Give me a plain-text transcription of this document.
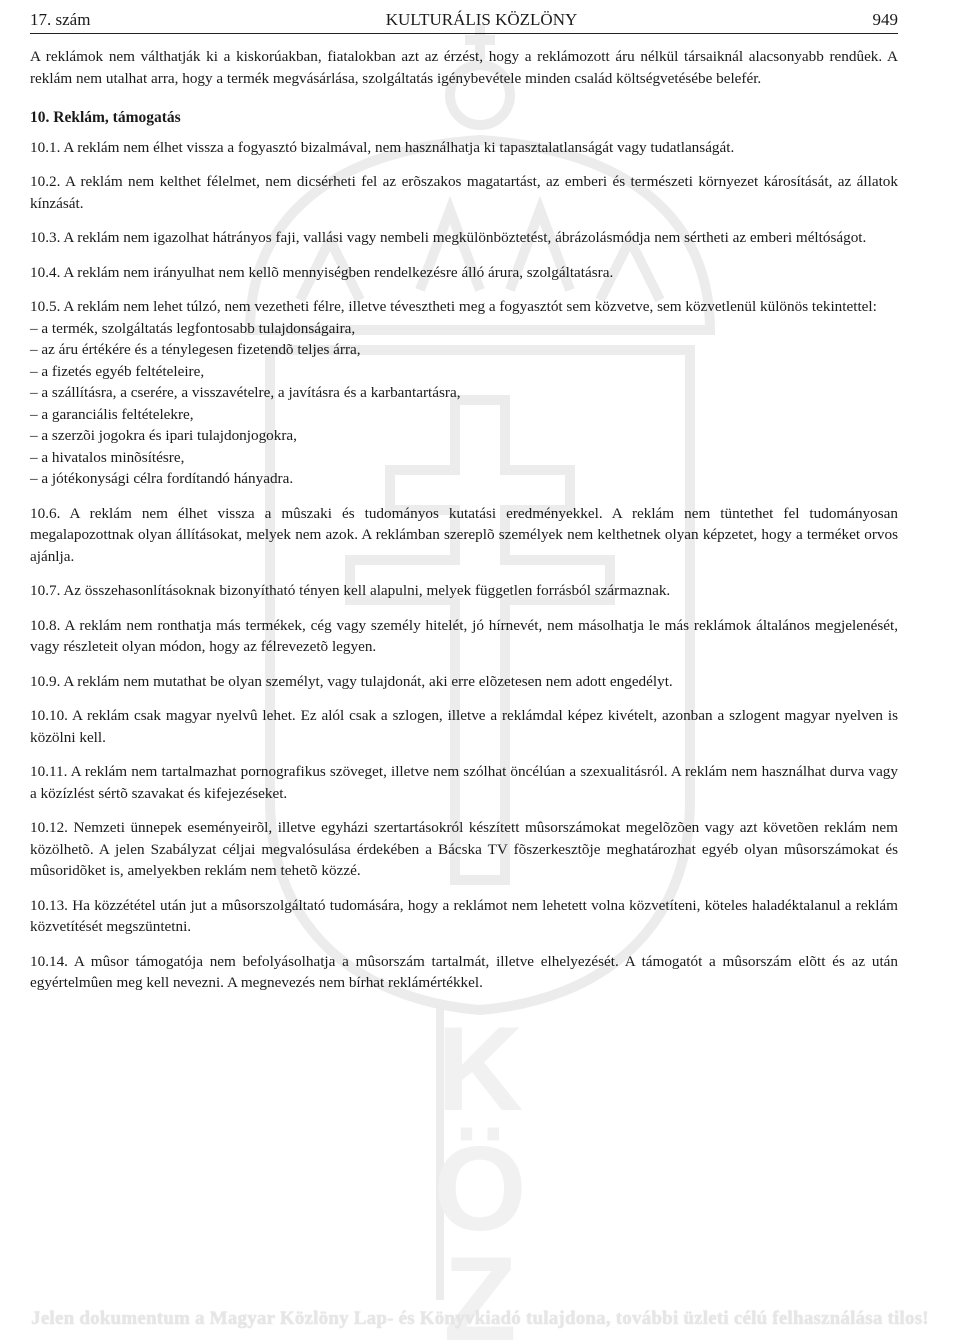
K
Ö
Z
17. szám	KULTURÁLIS KÖZLÖNY	949
A reklámok nem válthatják ki a kiskorúakban, fiatalokban azt az érzést, hogy a reklámozott áru nélkül társaiknál alacsonyabb rendûek. A reklám nem utalhat arra, hogy a termék megvásárlása, szolgáltatás igénybevétele minden család költségvetésébe belefér.
10. Reklám, támogatás
10.1. A reklám nem élhet vissza a fogyasztó bizalmával, nem használhatja ki tapasztalatlanságát vagy tudatlanságát.
10.2. A reklám nem kelthet félelmet, nem dicsérheti fel az erõszakos magatartást, az emberi és természeti környezet károsítását, az állatok kínzását.
10.3. A reklám nem igazolhat hátrányos faji, vallási vagy nembeli megkülönböztetést, ábrázolásmódja nem sértheti az emberi méltóságot.
10.4. A reklám nem irányulhat nem kellõ mennyiségben rendelkezésre álló árura, szolgáltatásra.
10.5. A reklám nem lehet túlzó, nem vezetheti félre, illetve tévesztheti meg a fogyasztót sem közvetve, sem közvetlenül különös tekintettel:
– a termék, szolgáltatás legfontosabb tulajdonságaira,
– az áru értékére és a ténylegesen fizetendõ teljes árra,
– a fizetés egyéb feltételeire,
– a szállításra, a cserére, a visszavételre, a javításra és a karbantartásra,
– a garanciális feltételekre,
– a szerzõi jogokra és ipari tulajdonjogokra,
– a hivatalos minõsítésre,
– a jótékonysági célra fordítandó hányadra.
10.6. A reklám nem élhet vissza a mûszaki és tudományos kutatási eredményekkel. A reklám nem tüntethet fel tudományosan megalapozottnak olyan állításokat, melyek nem azok. A reklámban szereplõ személyek nem kelthetnek olyan képzetet, hogy a terméket orvos ajánlja.
10.7. Az összehasonlításoknak bizonyítható tényen kell alapulni, melyek független forrásból származnak.
10.8. A reklám nem ronthatja más termékek, cég vagy személy hitelét, jó hírnevét, nem másolhatja le más reklámok általános megjelenését, vagy részleteit olyan módon, hogy az félrevezetõ legyen.
10.9. A reklám nem mutathat be olyan személyt, vagy tulajdonát, aki erre elõzetesen nem adott engedélyt.
10.10. A reklám csak magyar nyelvû lehet. Ez alól csak a szlogen, illetve a reklámdal képez kivételt, azonban a szlogent magyar nyelven is közölni kell.
10.11. A reklám nem tartalmazhat pornografikus szöveget, illetve nem szólhat öncélúan a szexualitásról. A reklám nem használhat durva vagy a közízlést sértõ szavakat és kifejezéseket.
10.12. Nemzeti ünnepek eseményeirõl, illetve egyházi szertartásokról készített mûsorszámokat megelõzõen vagy azt követõen reklám nem közölhetõ. A jelen Szabályzat céljai megvalósulása érdekében a Bácska TV fõszerkesztõje meghatározhat egyéb olyan mûsorszámokat és mûsoridõket is, amelyekben reklám nem tehetõ közzé.
10.13. Ha közzététel után jut a mûsorszolgáltató tudomására, hogy a reklámot nem lehetett volna közvetíteni, köteles haladéktalanul a reklám közvetítését megszüntetni.
10.14. A mûsor támogatója nem befolyásolhatja a mûsorszám tartalmát, illetve elhelyezését. A támogatót a mûsorszám elõtt és az után egyértelmûen meg kell nevezni. A megnevezés nem bírhat reklámértékkel.
Jelen dokumentum a Magyar Közlöny Lap- és Könyvkiadó tulajdona, további üzleti célú felhasználása tilos!
